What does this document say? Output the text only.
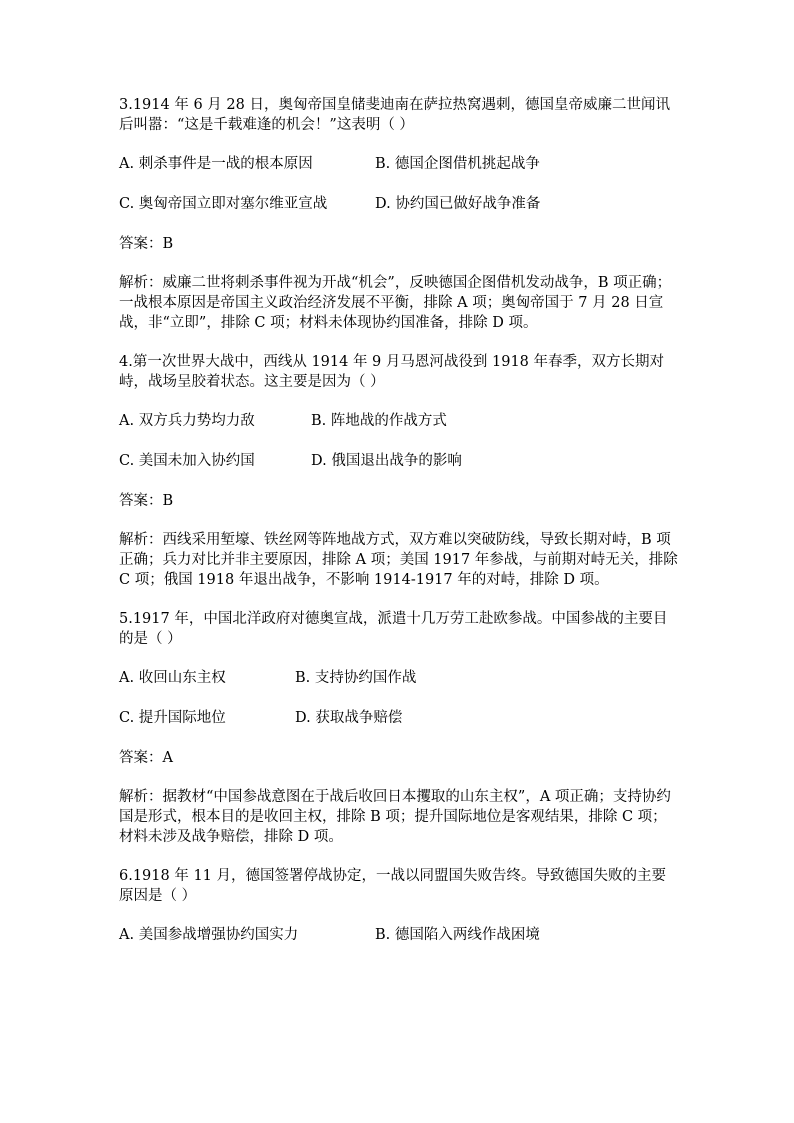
3.1914 年 6 月 28 日，奥匈帝国皇储斐迪南在萨拉热窝遇刺，德国皇帝威廉二世闻讯后叫嚣：“这是千载难逢的机会！”这表明（ ）

A. 刺杀事件是一战的根本原因	B. 德国企图借机挑起战争
C. 奥匈帝国立即对塞尔维亚宣战	D. 协约国已做好战争准备

答案：B

解析：威廉二世将刺杀事件视为开战“机会”，反映德国企图借机发动战争，B 项正确；一战根本原因是帝国主义政治经济发展不平衡，排除 A 项；奥匈帝国于 7 月 28 日宣战，非“立即”，排除 C 项；材料未体现协约国准备，排除 D 项。

4.第一次世界大战中，西线从 1914 年 9 月马恩河战役到 1918 年春季，双方长期对峙，战场呈胶着状态。这主要是因为（ ）

A. 双方兵力势均力敌	B. 阵地战的作战方式
C. 美国未加入协约国	D. 俄国退出战争的影响

答案：B

解析：西线采用堑壕、铁丝网等阵地战方式，双方难以突破防线，导致长期对峙，B 项正确；兵力对比并非主要原因，排除 A 项；美国 1917 年参战，与前期对峙无关，排除 C 项；俄国 1918 年退出战争，不影响 1914-1917 年的对峙，排除 D 项。

5.1917 年，中国北洋政府对德奥宣战，派遣十几万劳工赴欧参战。中国参战的主要目的是（ ）

A. 收回山东主权	B. 支持协约国作战
C. 提升国际地位	D. 获取战争赔偿

答案：A

解析：据教材“中国参战意图在于战后收回日本攫取的山东主权”，A 项正确；支持协约国是形式，根本目的是收回主权，排除 B 项；提升国际地位是客观结果，排除 C 项；材料未涉及战争赔偿，排除 D 项。

6.1918 年 11 月，德国签署停战协定，一战以同盟国失败告终。导致德国失败的主要原因是（ ）

A. 美国参战增强协约国实力	B. 德国陷入两线作战困境
